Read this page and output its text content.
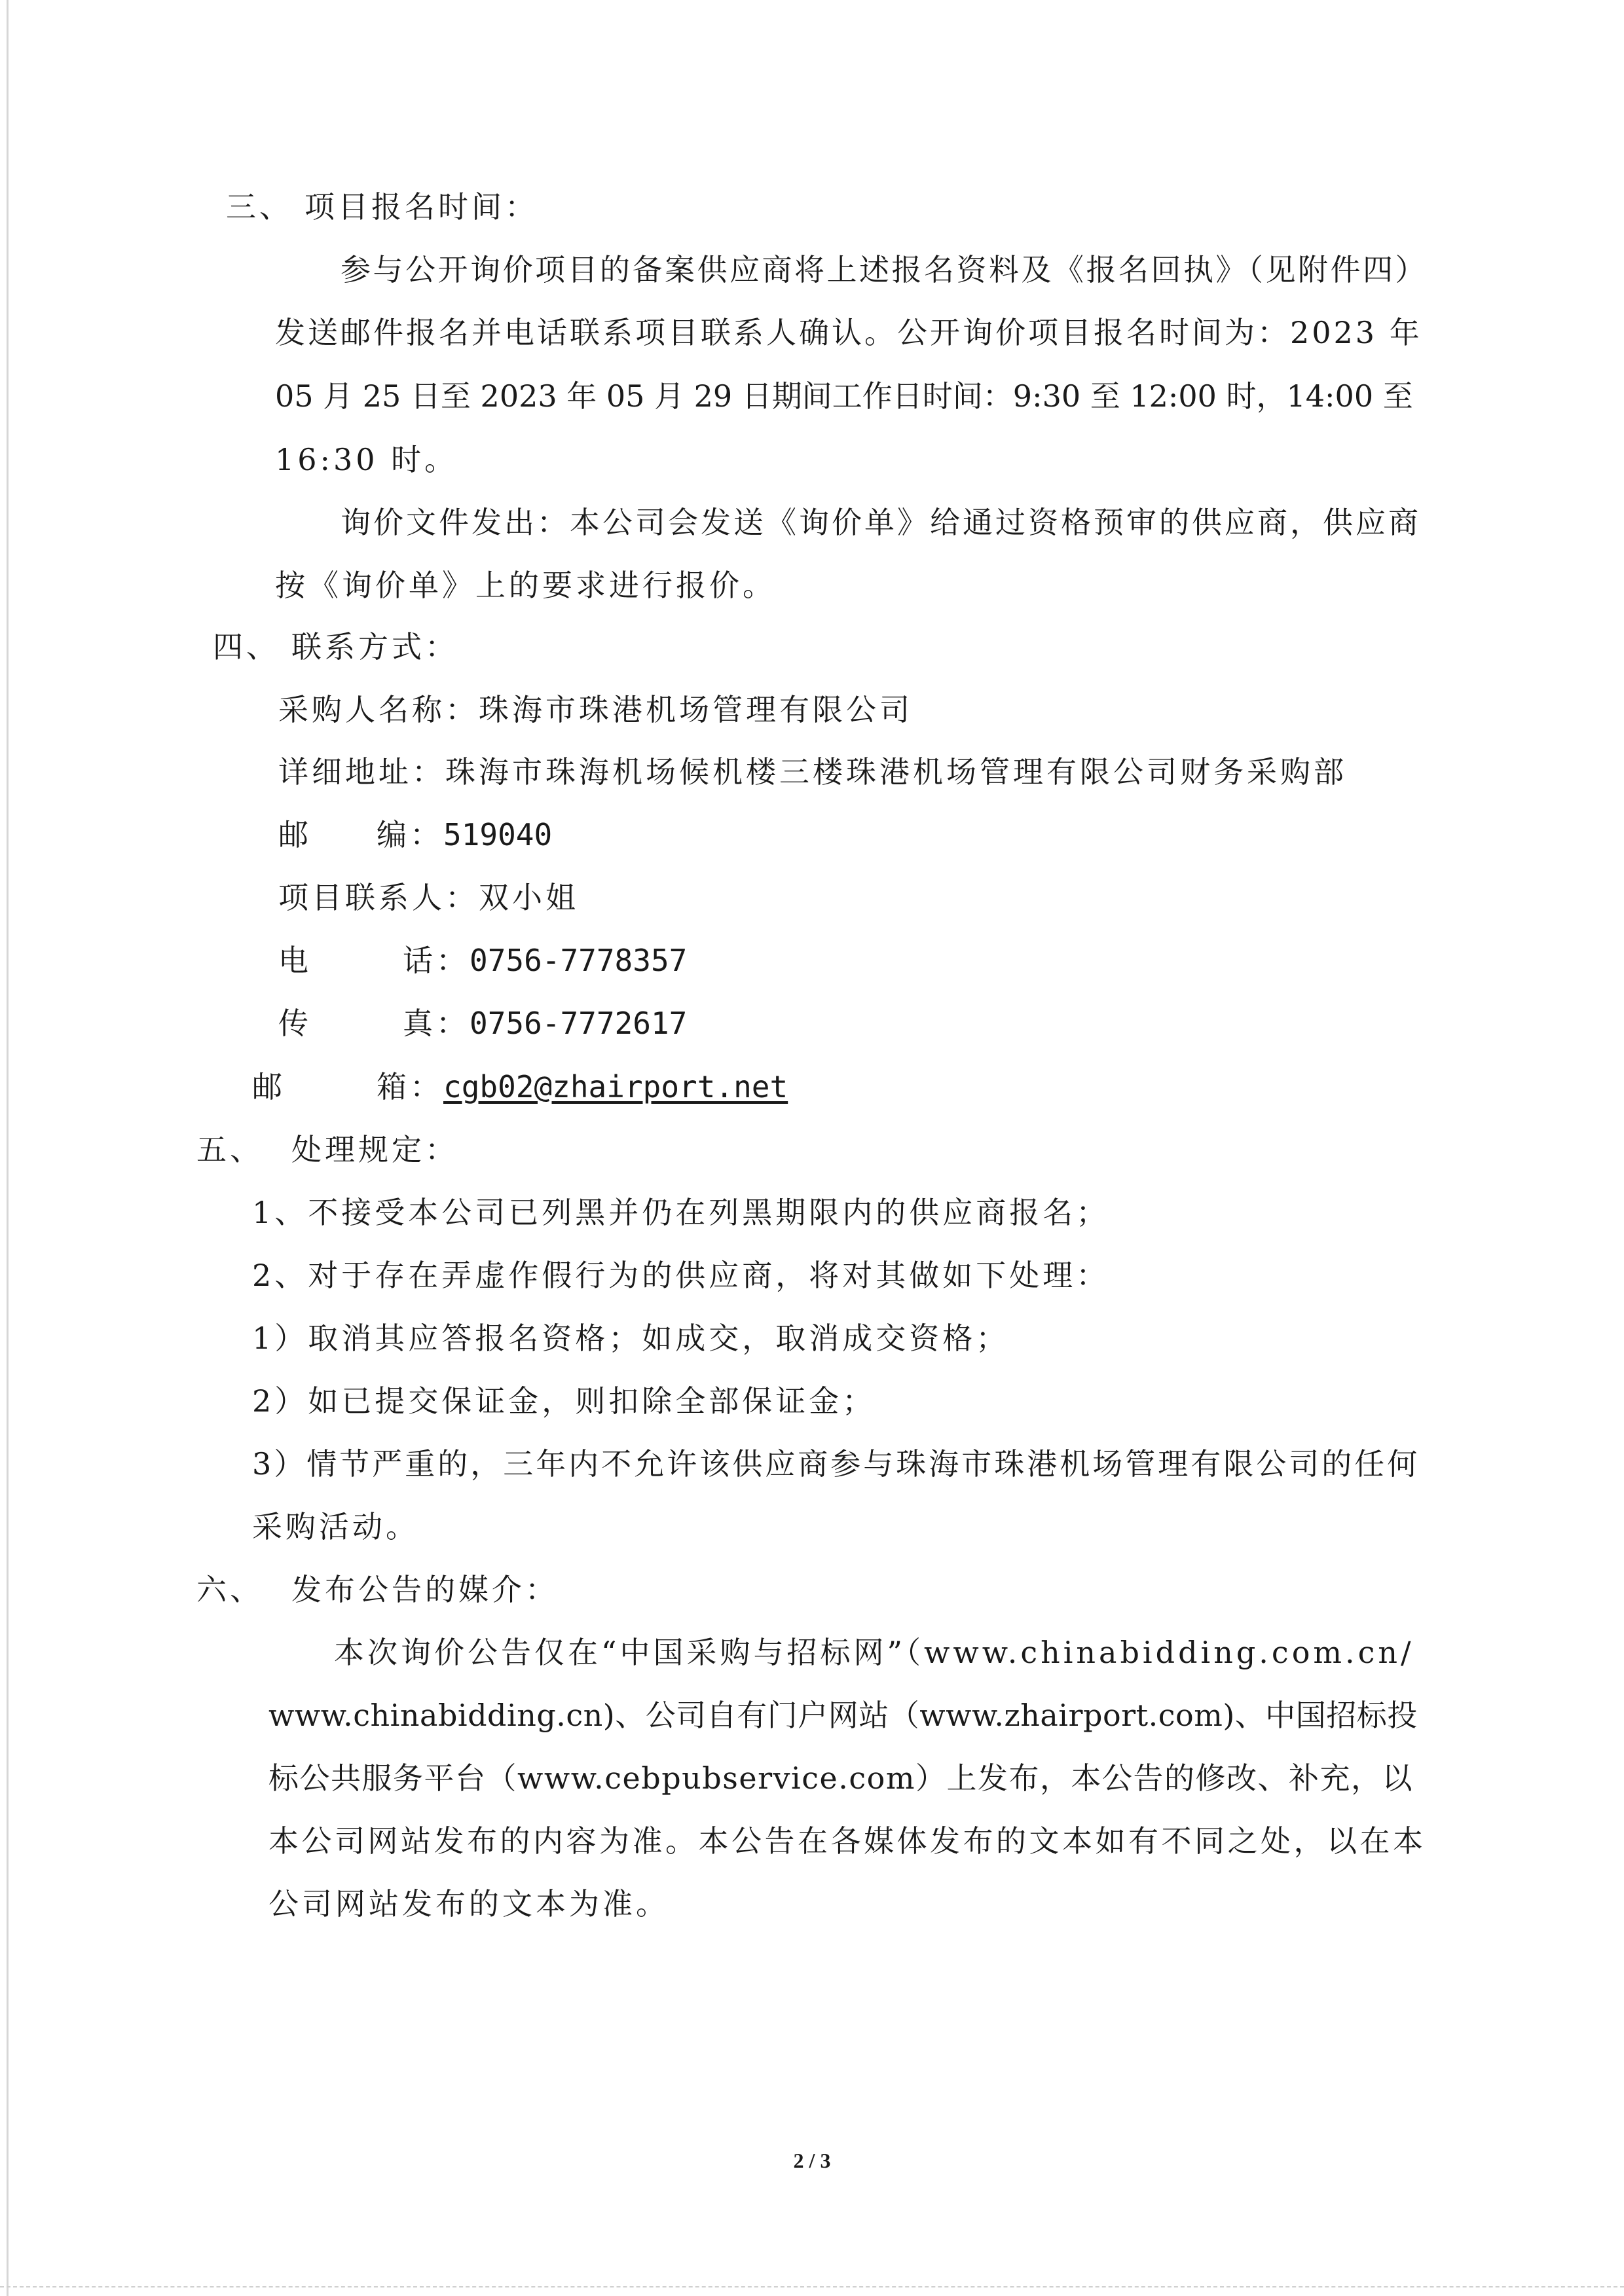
三、 项目报名时间：
参与公开询价项目的备案供应商将上述报名资料及《报名回执》（见附件四）
发送邮件报名并电话联系项目联系人确认。公开询价项目报名时间为：2023 年
05 月 25 日至 2023 年 05 月 29 日期间工作日时间：9:30 至 12:00 时，14:00 至
16:30 时。
询价文件发出：本公司会发送《询价单》给通过资格预审的供应商，供应商
按《询价单》上的要求进行报价。
四、 联系方式：
采购人名称：珠海市珠港机场管理有限公司
详细地址：珠海市珠海机场候机楼三楼珠港机场管理有限公司财务采购部
邮 编：519040
项目联系人：双小姐
电	话：0756-7778357
传	真：0756-7772617
邮	箱：cgb02@zhairport.net
五、 处理规定：
1、不接受本公司已列黑并仍在列黑期限内的供应商报名；
2、对于存在弄虚作假行为的供应商，将对其做如下处理：
1）取消其应答报名资格；如成交，取消成交资格；
2）如已提交保证金，则扣除全部保证金；
3）情节严重的，三年内不允许该供应商参与珠海市珠港机场管理有限公司的任何
采购活动。
六、 发布公告的媒介：
本次询价公告仅在“中国采购与招标网”（www.chinabidding.com.cn/
www.chinabidding.cn)、公司自有门户网站（www.zhairport.com)、中国招标投
标公共服务平台（www.cebpubservice.com）上发布，本公告的修改、补充，以
本公司网站发布的内容为准。本公告在各媒体发布的文本如有不同之处，以在本
公司网站发布的文本为准。
2 / 3
